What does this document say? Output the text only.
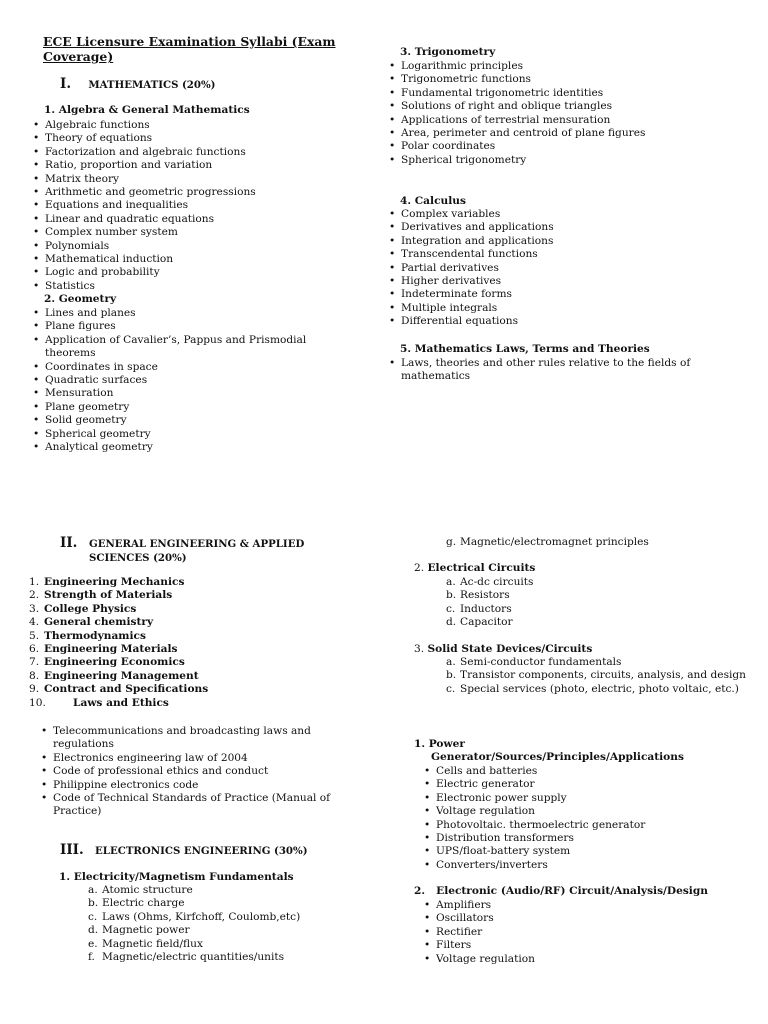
ECE Licensure Examination Syllabi (Exam
Coverage)
I. MATHEMATICS (20%)
1. Algebra & General Mathematics
• Algebraic functions
• Theory of equations
• Factorization and algebraic functions
• Ratio, proportion and variation
• Matrix theory
• Arithmetic and geometric progressions
• Equations and inequalities
• Linear and quadratic equations
• Complex number system
• Polynomials
• Mathematical induction
• Logic and probability
• Statistics
2. Geometry
• Lines and planes
• Plane figures
• Application of Cavalier’s, Pappus and Prismodial theorems
• Coordinates in space
• Quadratic surfaces
• Mensuration
• Plane geometry
• Solid geometry
• Spherical geometry
• Analytical geometry
3. Trigonometry
• Logarithmic principles
• Trigonometric functions
• Fundamental trigonometric identities
• Solutions of right and oblique triangles
• Applications of terrestrial mensuration
• Area, perimeter and centroid of plane figures
• Polar coordinates
• Spherical trigonometry
4. Calculus
• Complex variables
• Derivatives and applications
• Integration and applications
• Transcendental functions
• Partial derivatives
• Higher derivatives
• Indeterminate forms
• Multiple integrals
• Differential equations
5. Mathematics Laws, Terms and Theories
• Laws, theories and other rules relative to the fields of mathematics
II. GENERAL ENGINEERING & APPLIED
SCIENCES (20%)
1. Engineering Mechanics
2. Strength of Materials
3. College Physics
4. General chemistry
5. Thermodynamics
6. Engineering Materials
7. Engineering Economics
8. Engineering Management
9. Contract and Specifications
10.	Laws and Ethics
• Telecommunications and broadcasting laws and regulations
• Electronics engineering law of 2004
• Code of professional ethics and conduct
• Philippine electronics code
• Code of Technical Standards of Practice (Manual of Practice)
III. ELECTRONICS ENGINEERING (30%)
1. Electricity/Magnetism Fundamentals
a. Atomic structure
b. Electric charge
c. Laws (Ohms, Kirfchoff, Coulomb,etc)
d. Magnetic power
e. Magnetic field/flux
f. Magnetic/electric quantities/units
g. Magnetic/electromagnet principles
2. Electrical Circuits
a. Ac-dc circuits
b. Resistors
c. Inductors
d. Capacitor
3. Solid State Devices/Circuits
a. Semi-conductor fundamentals
b. Transistor components, circuits, analysis, and design
c. Special services (photo, electric, photo voltaic, etc.)
1. Power
Generator/Sources/Principles/Applications
• Cells and batteries
• Electric generator
• Electronic power supply
• Voltage regulation
• Photovoltaic. thermoelectric generator
• Distribution transformers
• UPS/float-battery system
• Converters/inverters
2.   Electronic (Audio/RF) Circuit/Analysis/Design
• Amplifiers
• Oscillators
• Rectifier
• Filters
• Voltage regulation
